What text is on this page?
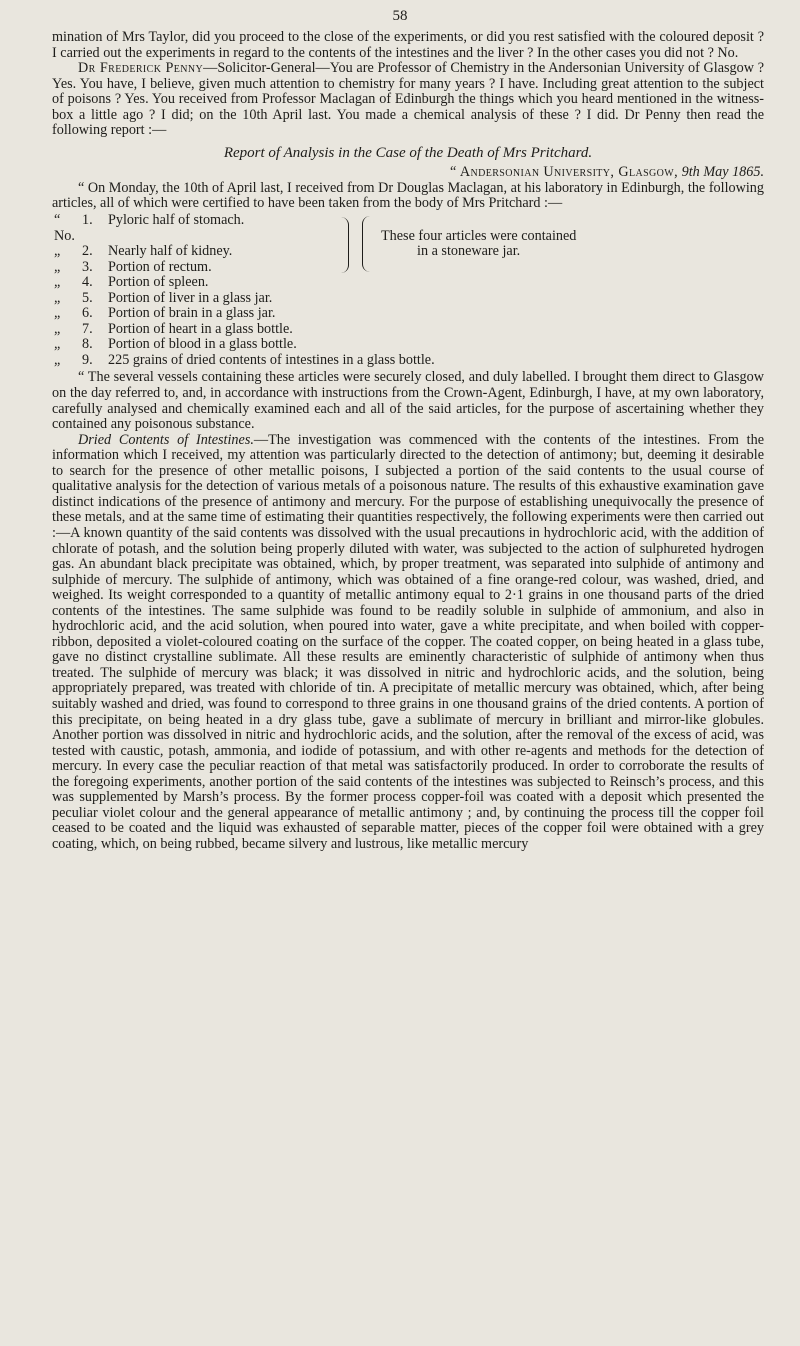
58

mination of Mrs Taylor, did you proceed to the close of the experiments, or did you rest satisfied with the coloured deposit ? I carried out the experiments in regard to the contents of the intestines and the liver ? In the other cases you did not ? No.

Dr Frederick Penny—Solicitor-General—You are Professor of Chemistry in the Andersonian University of Glasgow ? Yes. You have, I believe, given much attention to chemistry for many years ? I have. Including great attention to the subject of poisons ? Yes. You received from Professor Maclagan of Edinburgh the things which you heard mentioned in the witness-box a little ago ? I did; on the 10th April last. You made a chemical analysis of these ? I did. Dr Penny then read the following report :—

Report of Analysis in the Case of the Death of Mrs Pritchard.

“ Andersonian University, Glasgow, 9th May 1865.

“ On Monday, the 10th of April last, I received from Dr Douglas Maclagan, at his laboratory in Edinburgh, the following articles, all of which were certified to have been taken from the body of Mrs Pritchard :—

“ No.
1.	Pyloric half of stomach.
„	2.	Nearly half of kidney.
„	3.	Portion of rectum.
„	4.	Portion of spleen.
„	5.	Portion of liver in a glass jar.
„	6.	Portion of brain in a glass jar.
„	7.	Portion of heart in a glass bottle.
„	8.	Portion of blood in a glass bottle.
„	9.	225 grains of dried contents of intestines in a glass bottle.
These four articles were contained
in a stoneware jar.

“ The several vessels containing these articles were securely closed, and duly labelled. I brought them direct to Glasgow on the day referred to, and, in accordance with instructions from the Crown-Agent, Edinburgh, I have, at my own laboratory, carefully analysed and chemically examined each and all of the said articles, for the purpose of ascertaining whether they contained any poisonous substance.

Dried Contents of Intestines.—The investigation was commenced with the contents of the intestines. From the information which I received, my attention was particularly directed to the detection of antimony; but, deeming it desirable to search for the presence of other metallic poisons, I subjected a portion of the said contents to the usual course of qualitative analysis for the detection of various metals of a poisonous nature. The results of this exhaustive examination gave distinct indications of the presence of antimony and mercury. For the purpose of establishing unequivocally the presence of these metals, and at the same time of estimating their quantities respectively, the following experiments were then carried out :—A known quantity of the said contents was dissolved with the usual precautions in hydrochloric acid, with the addition of chlorate of potash, and the solution being properly diluted with water, was subjected to the action of sulphureted hydrogen gas. An abundant black precipitate was obtained, which, by proper treatment, was separated into sulphide of antimony and sulphide of mercury. The sulphide of antimony, which was obtained of a fine orange-red colour, was washed, dried, and weighed. Its weight corresponded to a quantity of metallic antimony equal to 2·1 grains in one thousand parts of the dried contents of the intestines. The same sulphide was found to be readily soluble in sulphide of ammonium, and also in hydrochloric acid, and the acid solution, when poured into water, gave a white precipitate, and when boiled with copper-ribbon, deposited a violet-coloured coating on the surface of the copper. The coated copper, on being heated in a glass tube, gave no distinct crystalline sublimate. All these results are eminently characteristic of sulphide of antimony when thus treated. The sulphide of mercury was black; it was dissolved in nitric and hydrochloric acids, and the solution, being appropriately prepared, was treated with chloride of tin. A precipitate of metallic mercury was obtained, which, after being suitably washed and dried, was found to correspond to three grains in one thousand grains of the dried contents. A portion of this precipitate, on being heated in a dry glass tube, gave a sublimate of mercury in brilliant and mirror-like globules. Another portion was dissolved in nitric and hydrochloric acids, and the solution, after the removal of the excess of acid, was tested with caustic, potash, ammonia, and iodide of potassium, and with other re-agents and methods for the detection of mercury. In every case the peculiar reaction of that metal was satisfactorily produced. In order to corroborate the results of the foregoing experiments, another portion of the said contents of the intestines was subjected to Reinsch’s process, and this was supplemented by Marsh’s process. By the former process copper-foil was coated with a deposit which presented the peculiar violet colour and the general appearance of metallic antimony ; and, by continuing the process till the copper foil ceased to be coated and the liquid was exhausted of separable matter, pieces of the copper foil were obtained with a grey coating, which, on being rubbed, became silvery and lustrous, like metallic mercury
